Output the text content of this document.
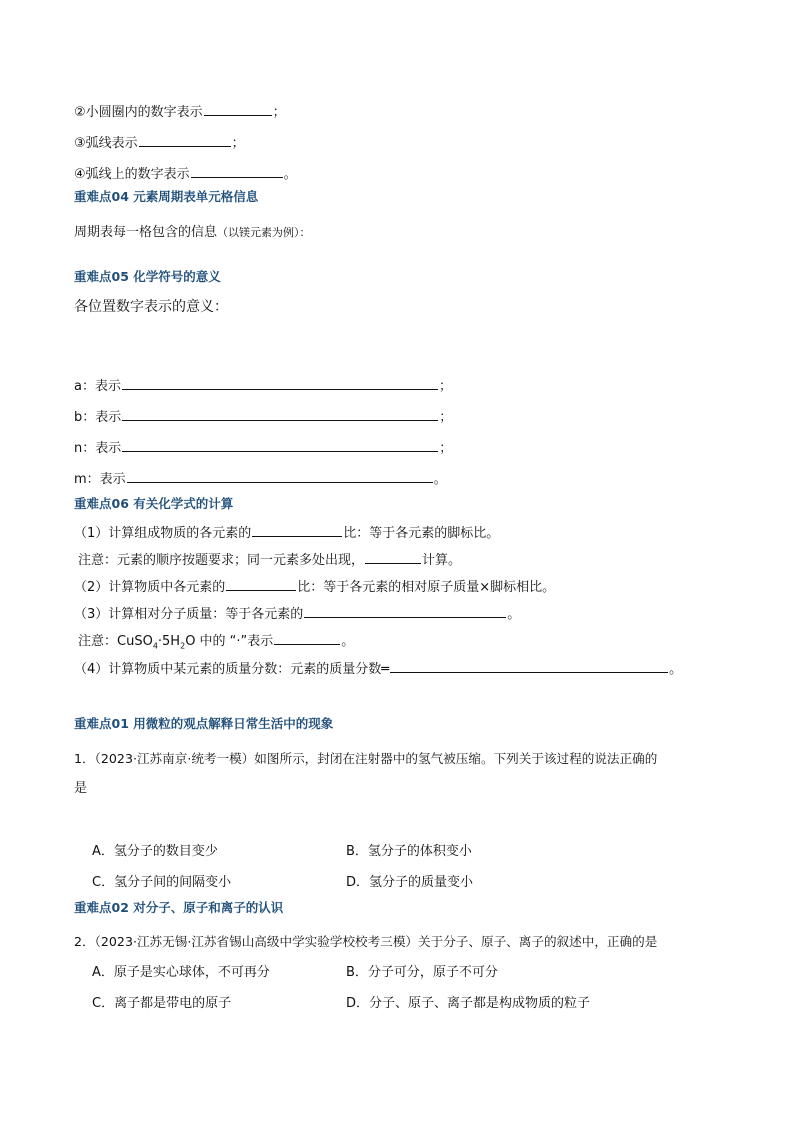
②小圆圈内的数字表示	；
③弧线表示	；
④弧线上的数字表示	。
重难点04 元素周期表单元格信息
周期表每一格包含的信息（以镁元素为例）：
重难点05 化学符号的意义
各位置数字表示的意义：
a：表示	；
b：表示	；
n：表示	；
m：表示	。
重难点06 有关化学式的计算
（1）计算组成物质的各元素的	比：等于各元素的脚标比。
注意：元素的顺序按题要求；同一元素多处出现，	计算。
（2）计算物质中各元素的	比：等于各元素的相对原子质量×脚标相比。
（3）计算相对分子质量：等于各元素的	。
注意：$CuSO_4\cdot 5H_2O$ 中的 “·”表示	。
（4）计算物质中某元素的质量分数：元素的质量分数═	。
重难点01 用微粒的观点解释日常生活中的现象
1．（2023·江苏南京·统考一模）如图所示，封闭在注射器中的氢气被压缩。下列关于该过程的说法正确的
是
A．氢分子的数目变少	B．氢分子的体积变小
C．氢分子间的间隔变小	D．氢分子的质量变小
重难点02 对分子、原子和离子的认识
2．（2023·江苏无锡·江苏省锡山高级中学实验学校校考三模）关于分子、原子、离子的叙述中，正确的是
A．原子是实心球体，不可再分	B．分子可分，原子不可分
C．离子都是带电的原子	D．分子、原子、离子都是构成物质的粒子
